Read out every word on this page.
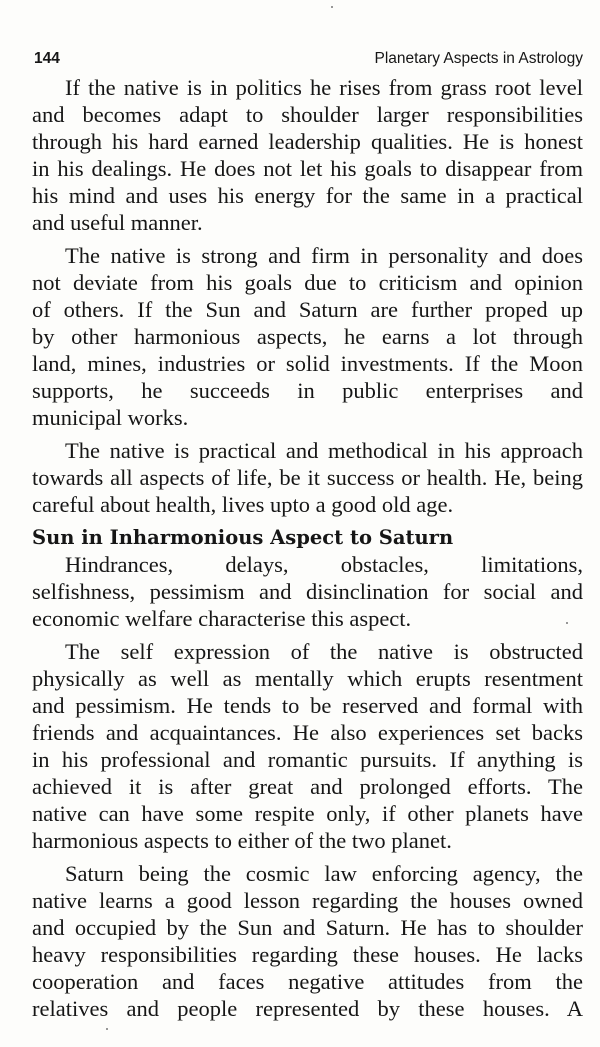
144	Planetary Aspects in Astrology
If the native is in politics he rises from grass root level
and becomes adapt to shoulder larger responsibilities
through his hard earned leadership qualities. He is honest
in his dealings. He does not let his goals to disappear from
his mind and uses his energy for the same in a practical
and useful manner.
The native is strong and firm in personality and does
not deviate from his goals due to criticism and opinion
of others. If the Sun and Saturn are further proped up
by other harmonious aspects, he earns a lot through
land, mines, industries or solid investments. If the Moon
supports, he succeeds in public enterprises and
municipal works.
The native is practical and methodical in his approach
towards all aspects of life, be it success or health. He, being
careful about health, lives upto a good old age.
Sun in Inharmonious Aspect to Saturn
Hindrances, delays, obstacles, limitations,
selfishness, pessimism and disinclination for social and
economic welfare characterise this aspect.
The self expression of the native is obstructed
physically as well as mentally which erupts resentment
and pessimism. He tends to be reserved and formal with
friends and acquaintances. He also experiences set backs
in his professional and romantic pursuits. If anything is
achieved it is after great and prolonged efforts. The
native can have some respite only, if other planets have
harmonious aspects to either of the two planet.
Saturn being the cosmic law enforcing agency, the
native learns a good lesson regarding the houses owned
and occupied by the Sun and Saturn. He has to shoulder
heavy responsibilities regarding these houses. He lacks
cooperation and faces negative attitudes from the
relatives and people represented by these houses. A
